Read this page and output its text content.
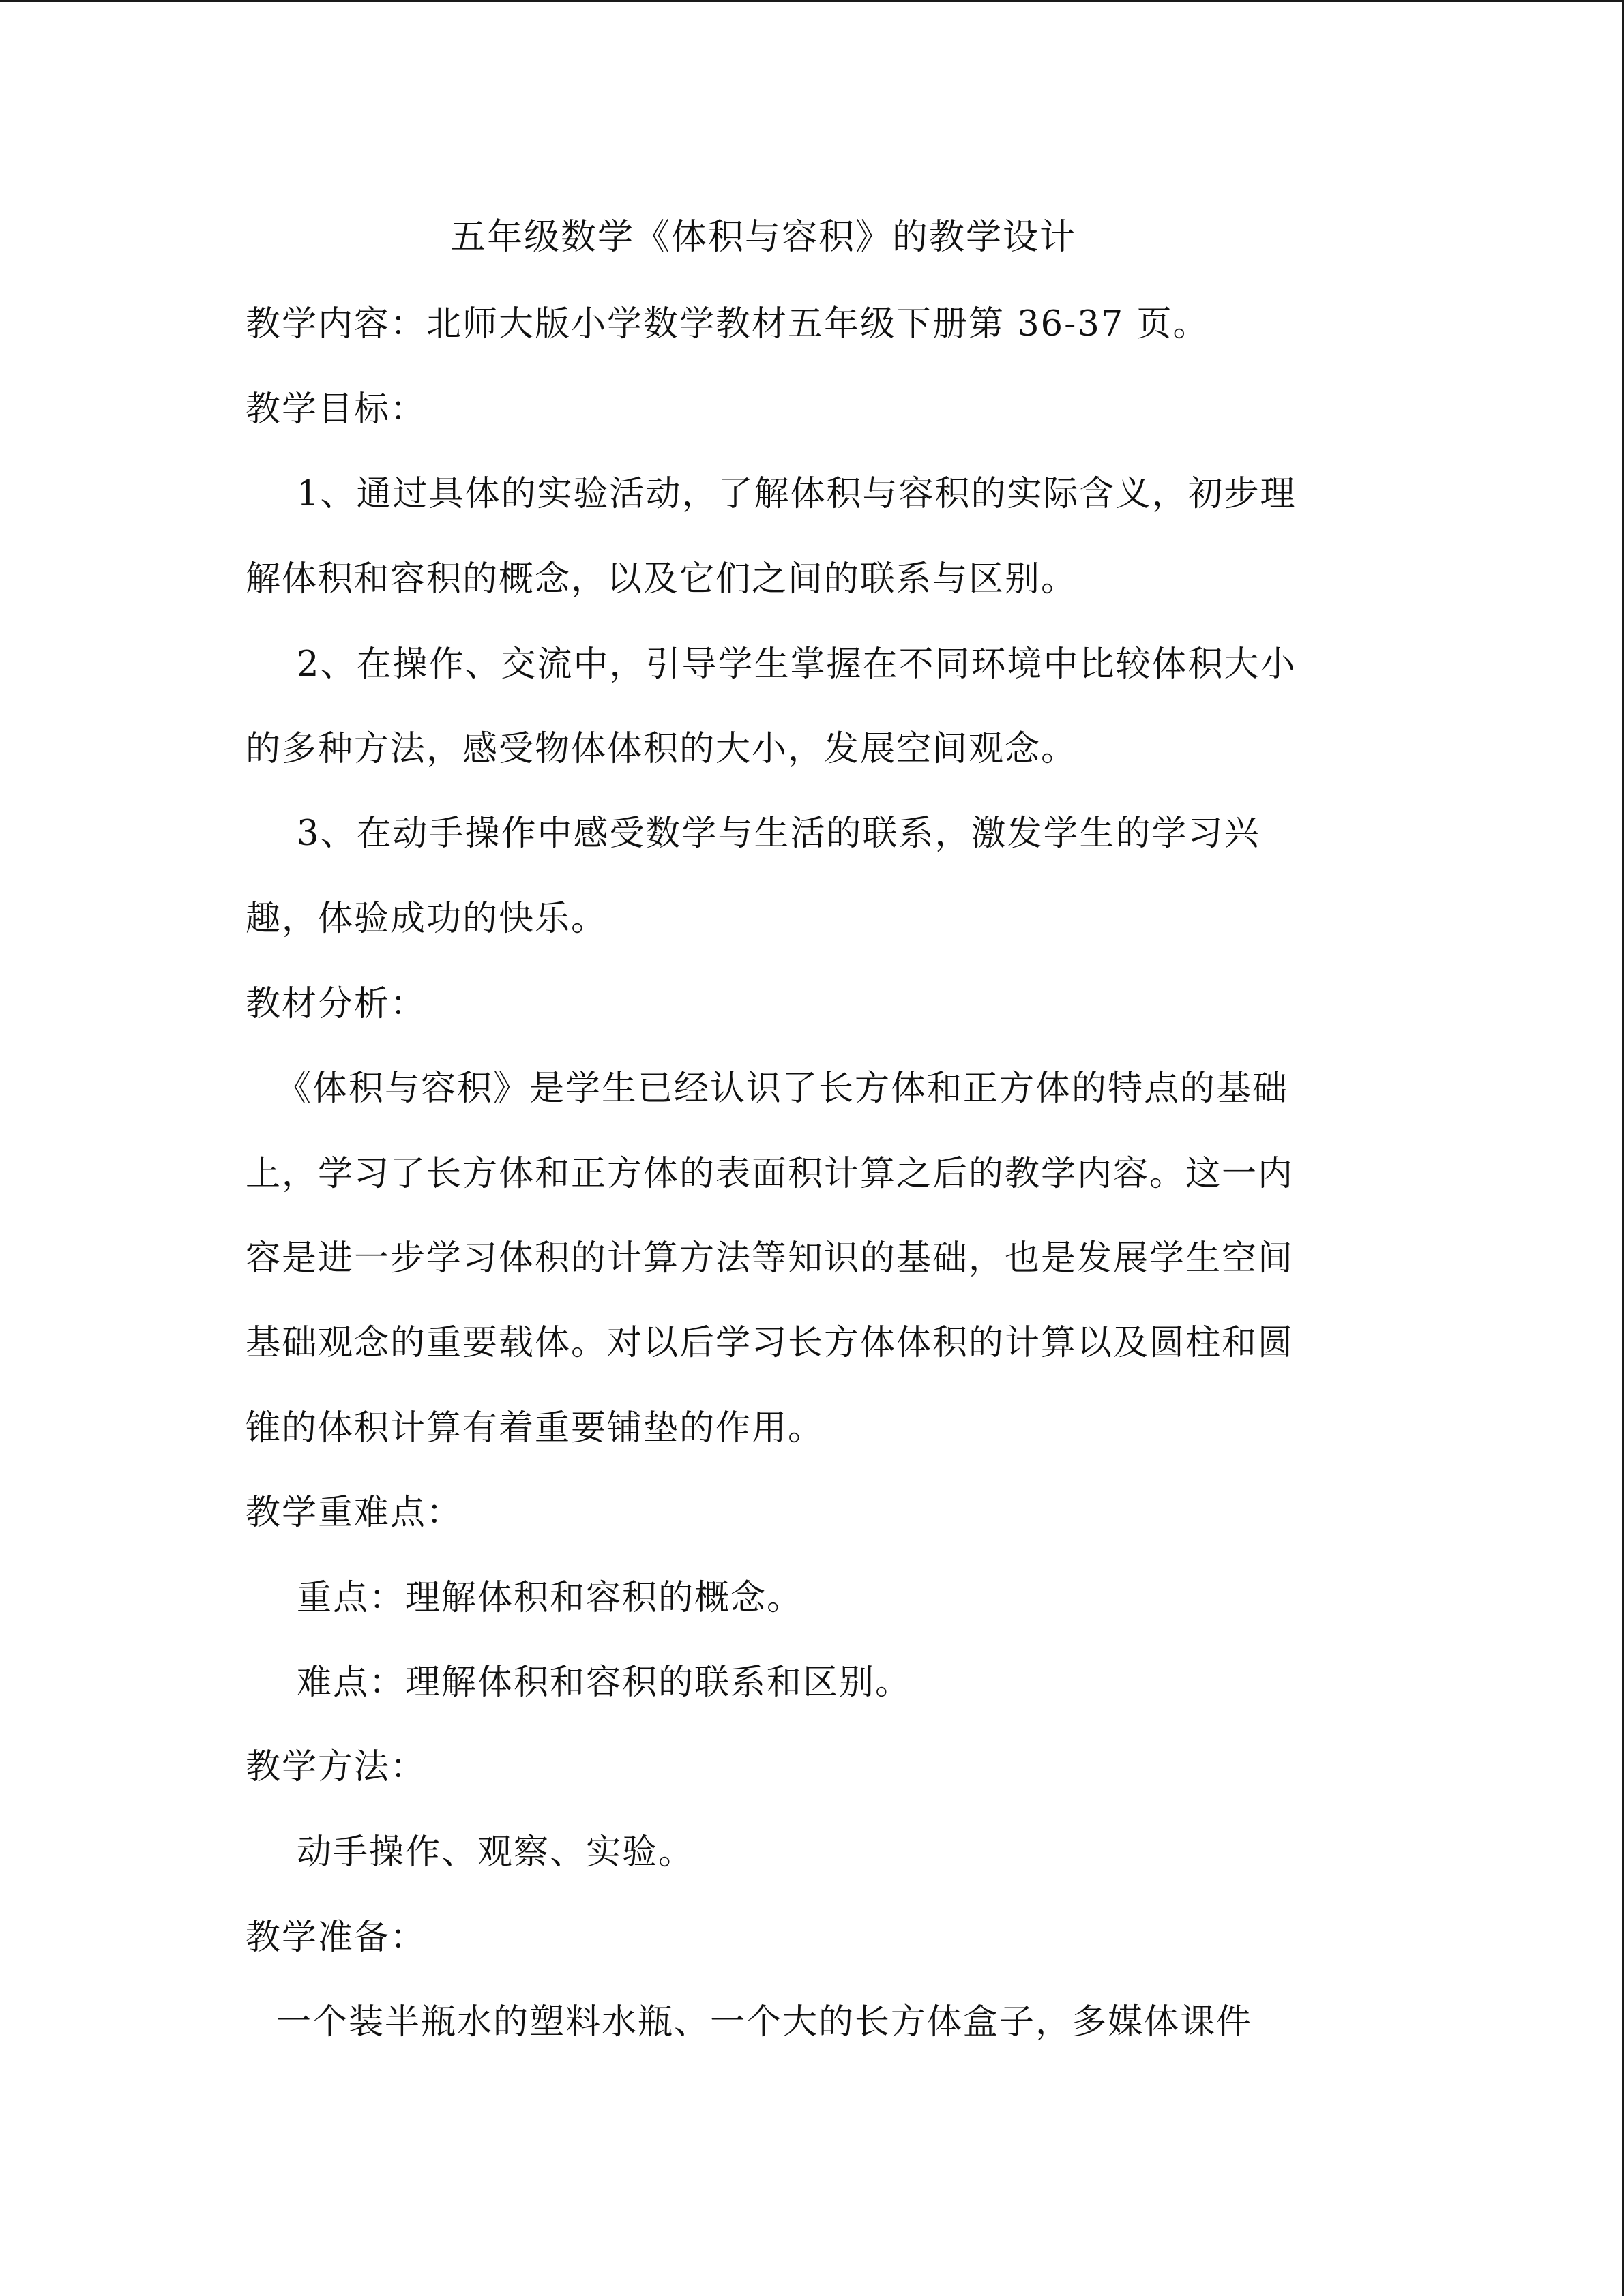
五年级数学《体积与容积》的教学设计
教学内容：北师大版小学数学教材五年级下册第 36-37 页。
教学目标：
1、通过具体的实验活动，了解体积与容积的实际含义，初步理
解体积和容积的概念，以及它们之间的联系与区别。
2、在操作、交流中，引导学生掌握在不同环境中比较体积大小
的多种方法，感受物体体积的大小，发展空间观念。
3、在动手操作中感受数学与生活的联系，激发学生的学习兴
趣，体验成功的快乐。
教材分析：
《体积与容积》是学生已经认识了长方体和正方体的特点的基础
上，学习了长方体和正方体的表面积计算之后的教学内容。这一内
容是进一步学习体积的计算方法等知识的基础，也是发展学生空间
基础观念的重要载体。对以后学习长方体体积的计算以及圆柱和圆
锥的体积计算有着重要铺垫的作用。
教学重难点：
重点：理解体积和容积的概念。
难点：理解体积和容积的联系和区别。
教学方法：
动手操作、观察、实验。
教学准备：
一个装半瓶水的塑料水瓶、一个大的长方体盒子，多媒体课件
